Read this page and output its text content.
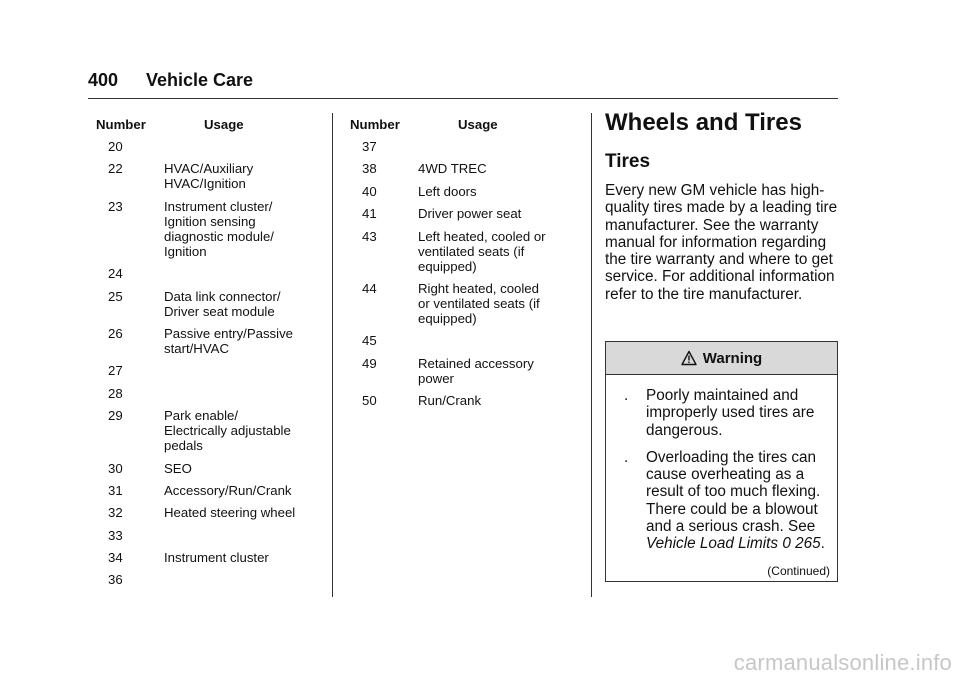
400 Vehicle Care
Number	Usage
20
22	HVAC/Auxiliary
HVAC/Ignition
23	Instrument cluster/
Ignition sensing
diagnostic module/
Ignition
24
25	Data link connector/
Driver seat module
26	Passive entry/Passive
start/HVAC
27
28
29	Park enable/
Electrically adjustable
pedals
30	SEO
31	Accessory/Run/Crank
32	Heated steering wheel
33
34	Instrument cluster
36
Number	Usage
37
38	4WD TREC
40	Left doors
41	Driver power seat
43	Left heated, cooled or
ventilated seats (if
equipped)
44	Right heated, cooled
or ventilated seats (if
equipped)
45
49	Retained accessory
power
50	Run/Crank
Wheels and Tires
Tires

Every new GM vehicle has high-quality tires made by a leading tire manufacturer. See the warranty manual for information regarding the tire warranty and where to get service. For additional information refer to the tire manufacturer.

Warning
.	Poorly maintained and improperly used tires are dangerous.
.	Overloading the tires can cause overheating as a result of too much flexing. There could be a blowout and a serious crash. See Vehicle Load Limits 0 265.
(Continued)
carmanualsonline.info
